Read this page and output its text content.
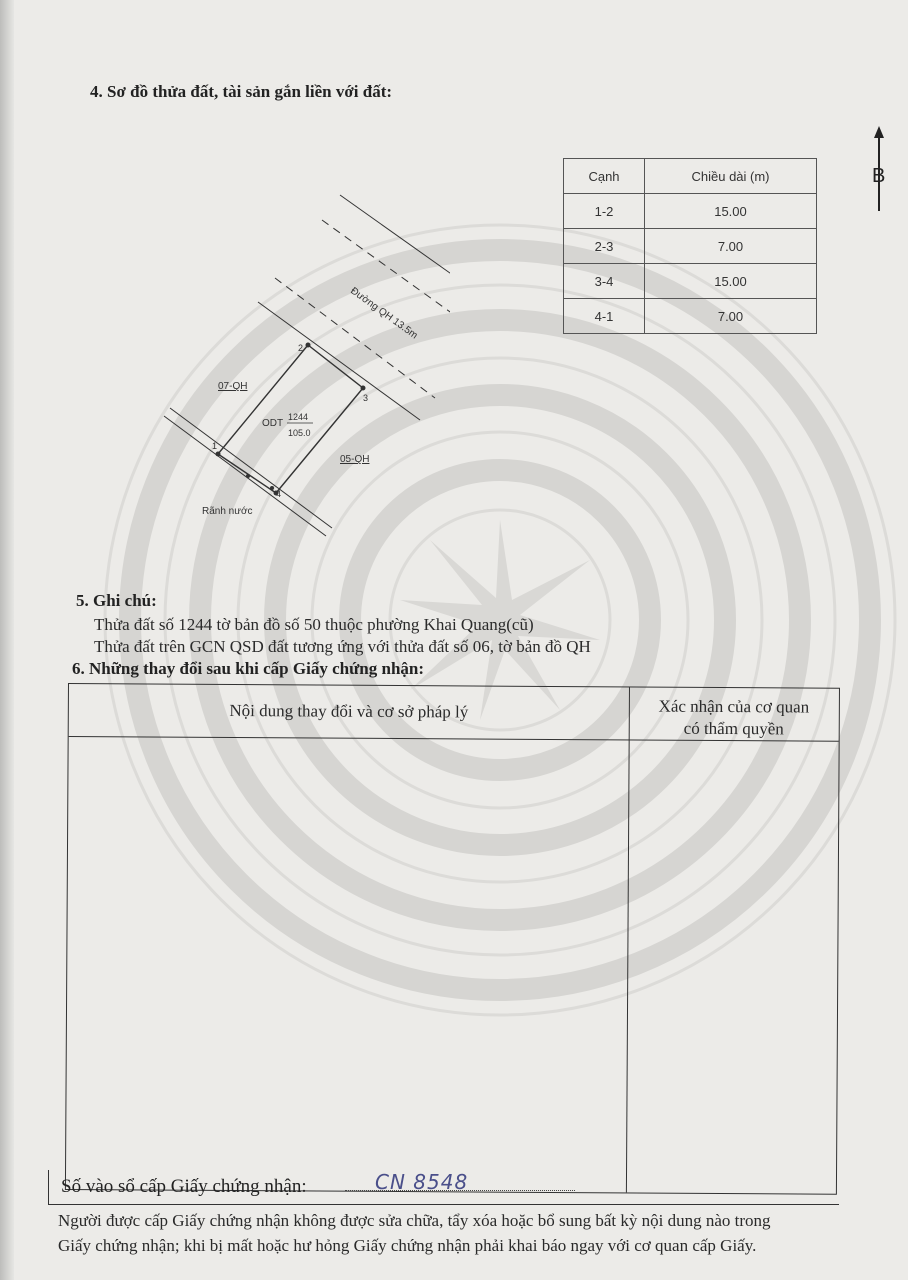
4. Sơ đồ thửa đất, tài sản gắn liền với đất:
Đường QH 13.5m
07-QH
05-QH
ODT
1244
105.0
Rãnh nước
1
2
3
4
Cạnh	Chiều dài (m)
1-2	15.00
2-3	7.00
3-4	15.00
4-1	7.00
B
5. Ghi chú:
Thửa đất số 1244 tờ bản đồ số 50 thuộc phường Khai Quang(cũ)
Thửa đất trên GCN QSD đất tương ứng với thửa đất số 06, tờ bản đồ QH
6. Những thay đổi sau khi cấp Giấy chứng nhận:
Nội dung thay đổi và cơ sở pháp lý	Xác nhận của cơ quan
có thẩm quyền
Số vào sổ cấp Giấy chứng nhận:	CN 8548
Người được cấp Giấy chứng nhận không được sửa chữa, tẩy xóa hoặc bổ sung bất kỳ nội dung nào trong
Giấy chứng nhận; khi bị mất hoặc hư hỏng Giấy chứng nhận phải khai báo ngay với cơ quan cấp Giấy.
